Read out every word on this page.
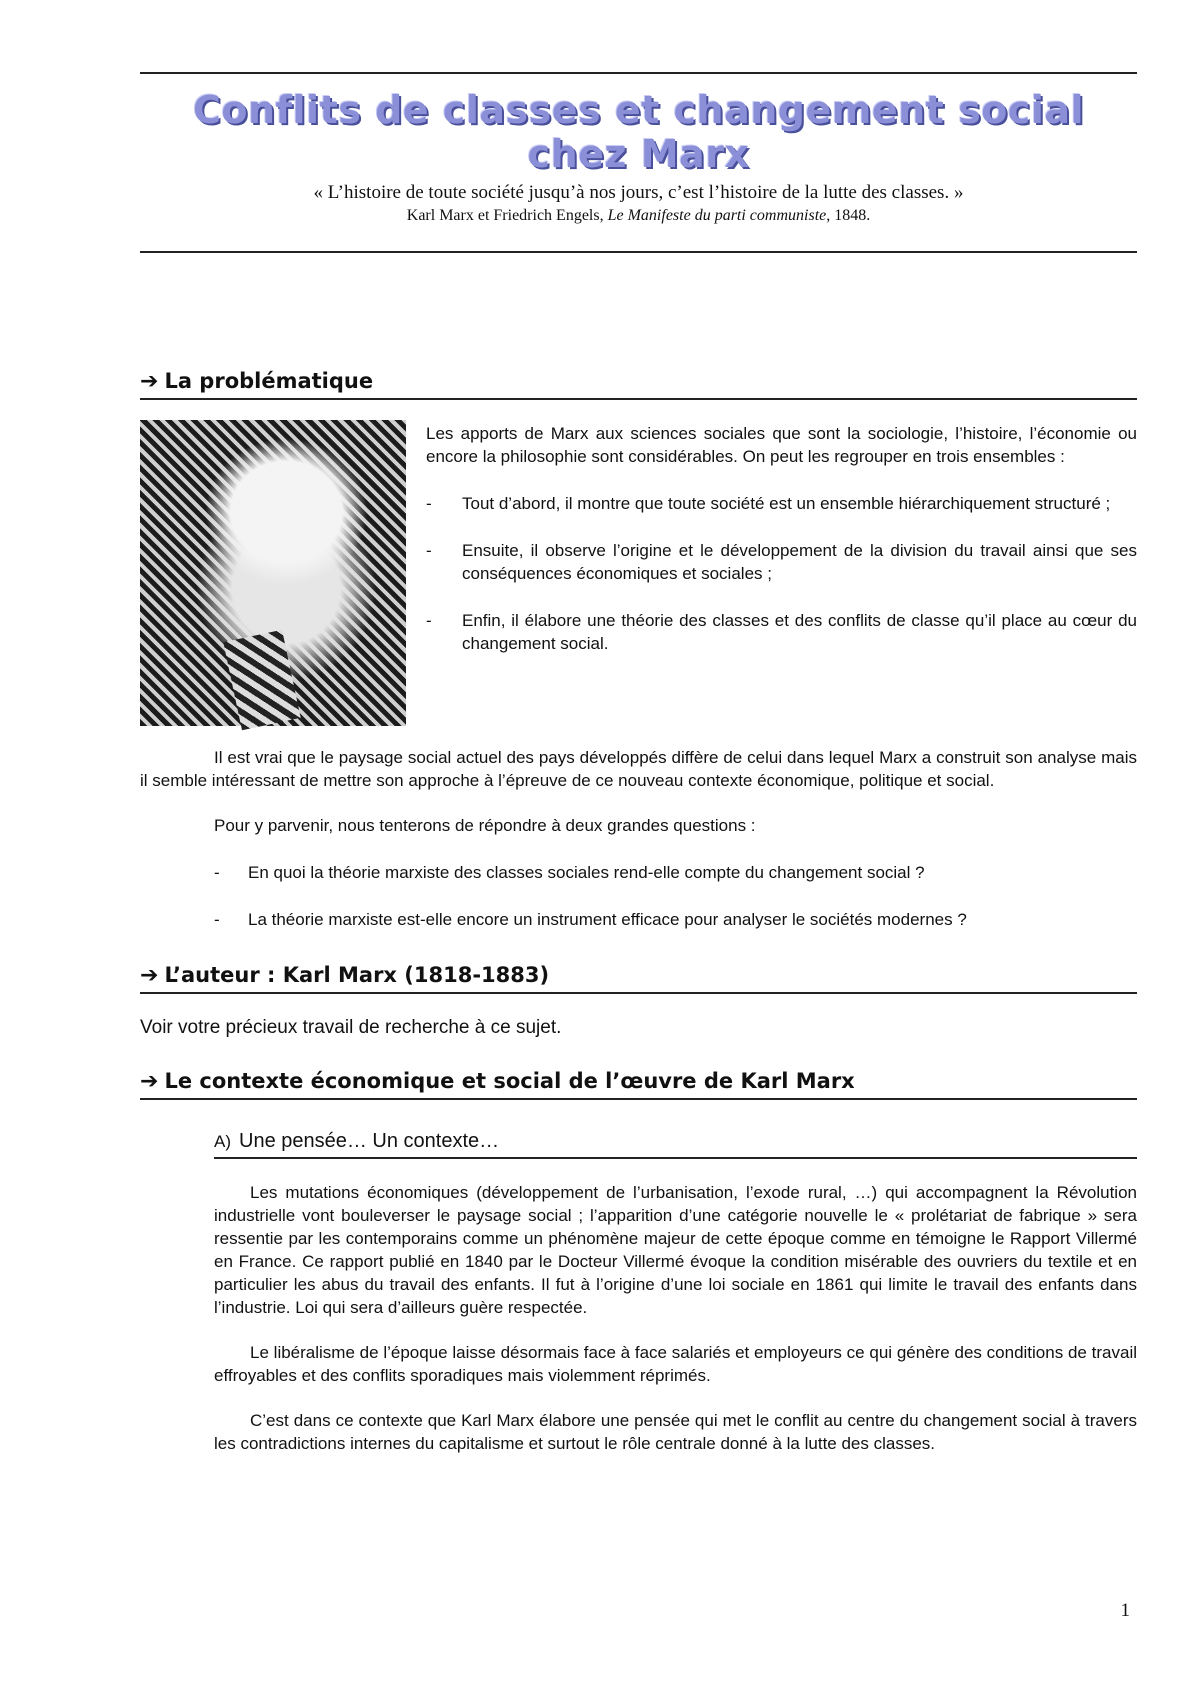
Conflits de classes et changement social chez Marx
« L’histoire de toute société jusqu’à nos jours, c’est l’histoire de la lutte des classes. »
Karl Marx et Friedrich Engels, Le Manifeste du parti communiste, 1848.
➔ La problématique

Les apports de Marx aux sciences sociales que sont la sociologie, l’histoire, l’économie ou encore la philosophie sont considérables. On peut les regrouper en trois ensembles :

- Tout d’abord, il montre que toute société est un ensemble hiérarchiquement structuré ;
- Ensuite, il observe l’origine et le développement de la division du travail ainsi que ses conséquences économiques et sociales ;
- Enfin, il élabore une théorie des classes et des conflits de classe qu’il place au cœur du changement social.

Il est vrai que le paysage social actuel des pays développés diffère de celui dans lequel Marx a construit son analyse mais il semble intéressant de mettre son approche à l’épreuve de ce nouveau contexte économique, politique et social.

Pour y parvenir, nous tenterons de répondre à deux grandes questions :

- En quoi la théorie marxiste des classes sociales rend-elle compte du changement social ?
- La théorie marxiste est-elle encore un instrument efficace pour analyser le sociétés modernes ?
➔ L’auteur : Karl Marx (1818-1883)

Voir votre précieux travail de recherche à ce sujet.

➔ Le contexte économique et social de l’œuvre de Karl Marx
A) Une pensée… Un contexte…

Les mutations économiques (développement de l’urbanisation, l’exode rural, …) qui accompagnent la Révolution industrielle vont bouleverser le paysage social ; l’apparition d’une catégorie nouvelle le « prolétariat de fabrique » sera ressentie par les contemporains comme un phénomène majeur de cette époque comme en témoigne le Rapport Villermé en France. Ce rapport publié en 1840 par le Docteur Villermé évoque la condition misérable des ouvriers du textile et en particulier les abus du travail des enfants. Il fut à l’origine d’une loi sociale en 1861 qui limite le travail des enfants dans l’industrie. Loi qui sera d’ailleurs guère respectée.

Le libéralisme de l’époque laisse désormais face à face salariés et employeurs ce qui génère des conditions de travail effroyables et des conflits sporadiques mais violemment réprimés.

C’est dans ce contexte que Karl Marx élabore une pensée qui met le conflit au centre du changement social à travers les contradictions internes du capitalisme et surtout le rôle centrale donné à la lutte des classes.

1
